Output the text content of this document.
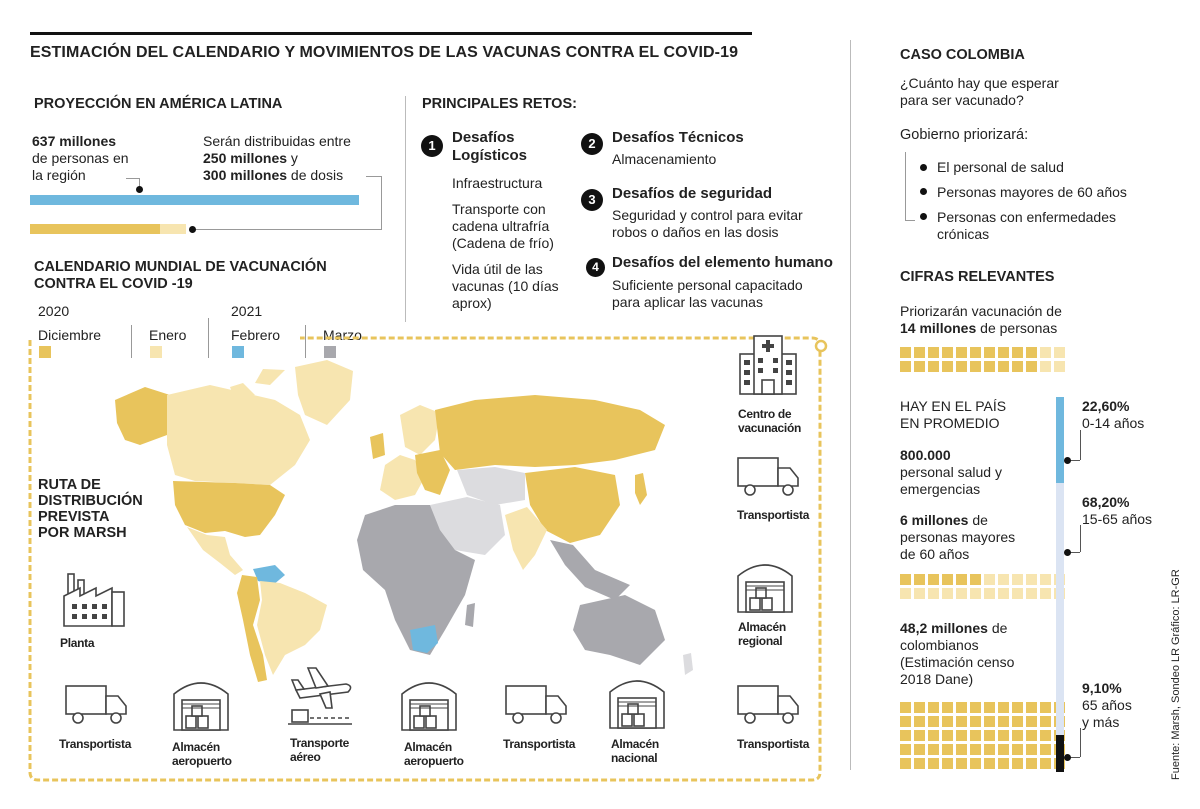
ESTIMACIÓN DEL CALENDARIO Y MOVIMIENTOS DE LAS VACUNAS CONTRA EL COVID-19
PROYECCIÓN EN AMÉRICA LATINA
637 millones
de personas en
la región
Serán distribuidas entre
250 millones y
300 millones de dosis
CALENDARIO MUNDIAL DE VACUNACIÓN
CONTRA EL COVID -19
2020	2021
Diciembre	Enero	Febrero	Marzo
PRINCIPALES RETOS:
1	Desafíos
Logísticos
Infraestructura

Transporte con
cadena ultrafría
(Cadena de frío)

Vida útil de las
vacunas (10 días
aprox)
2	Desafíos Técnicos
Almacenamiento
3	Desafíos de seguridad
Seguridad y control para evitar
robos o daños en las dosis
4 Desafíos del elemento humano
Suficiente personal capacitado
para aplicar las vacunas
RUTA DE
DISTRIBUCIÓN
PREVISTA
POR MARSH
Planta
Transportista	Almacén
aeropuerto
Transporte
aéreo
Almacén
aeropuerto
Transportista	Almacén
nacional
Transportista
Almacén
regional
Transportista
Centro de
vacunación
CASO COLOMBIA
¿Cuánto hay que esperar
para ser vacunado?
Gobierno priorizará:
El personal de salud
Personas mayores de 60 años
Personas con enfermedades
crónicas
CIFRAS RELEVANTES
Priorizarán vacunación de
14 millones de personas
HAY EN EL PAÍS
EN PROMEDIO
800.000
personal salud y
emergencias
6 millones de
personas mayores
de 60 años
48,2 millones de
colombianos
(Estimación censo
2018 Dane)
22,60%
0-14 años
68,20%
15-65 años
9,10%
65 años
y más	Fuente: Marsh, Sondeo LR
Gráfico: LR-GR
